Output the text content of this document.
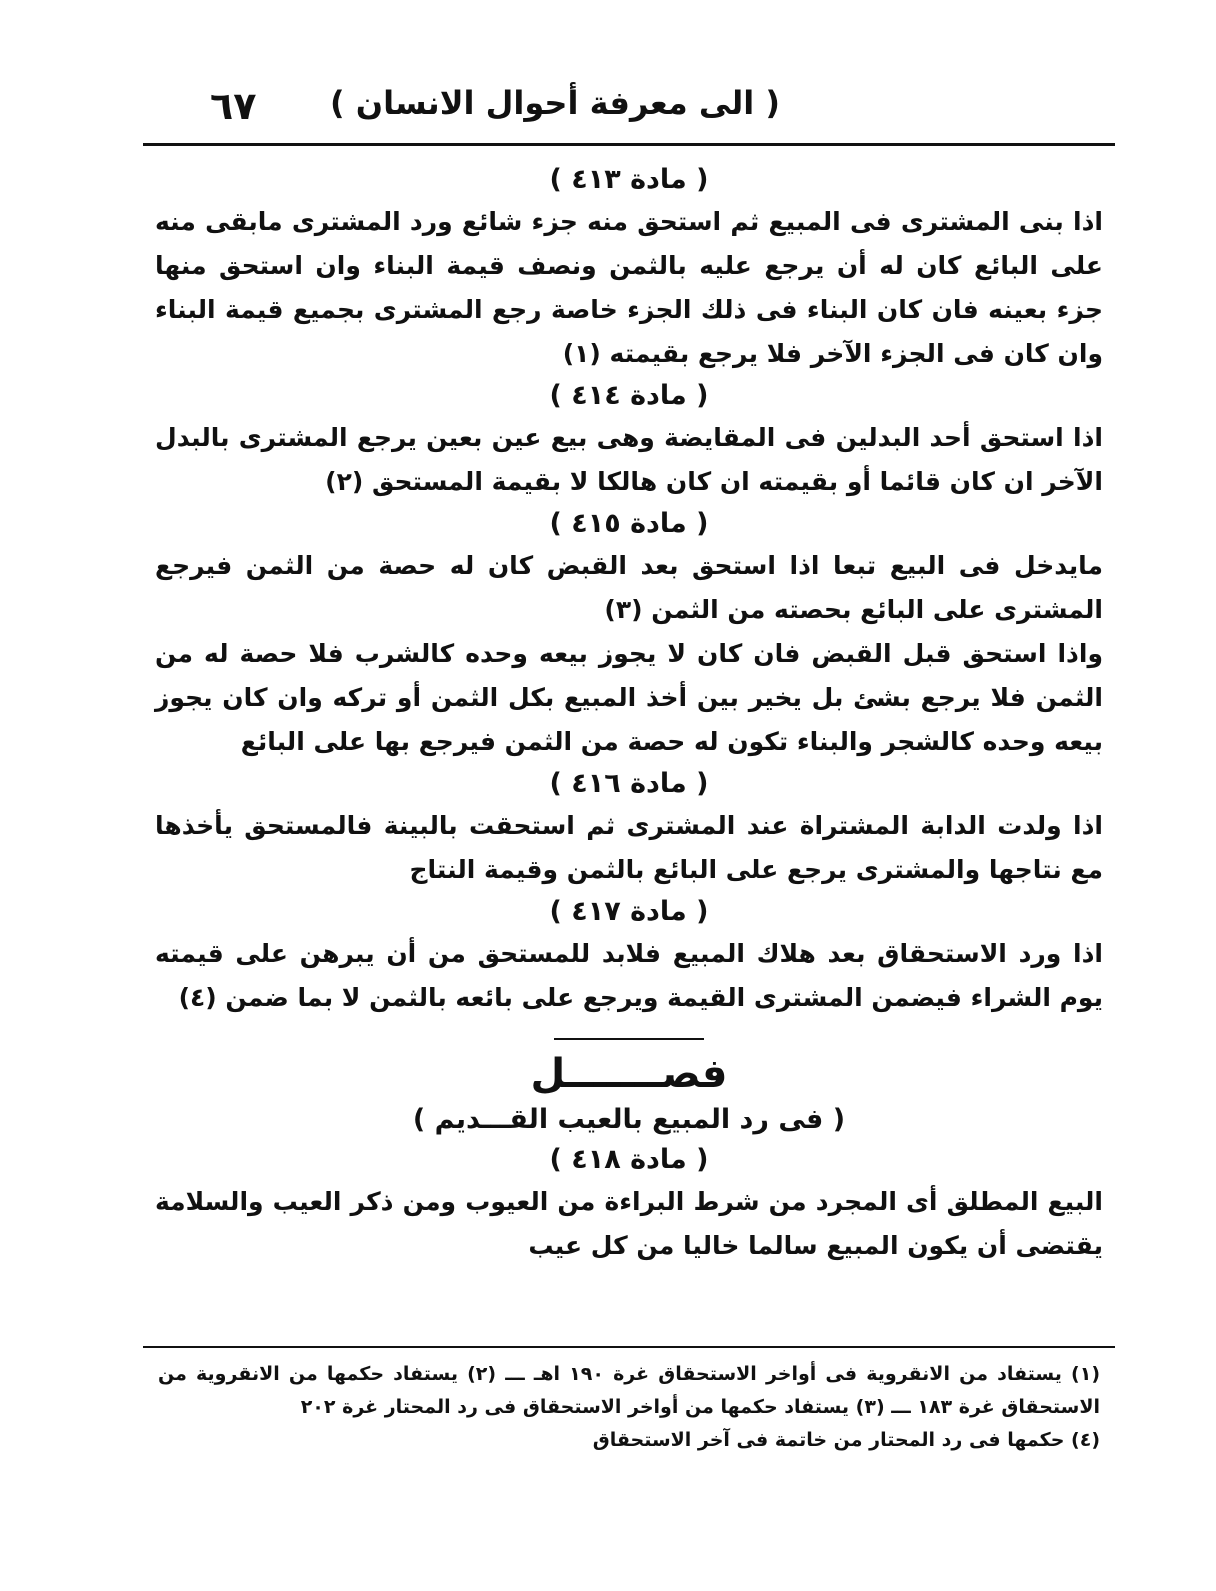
( الى معرفة أحوال الانسان )
٦٧
( مادة ٤١٣ )

اذا بنى المشترى فى المبيع ثم استحق منه جزء شائع ورد المشترى مابقى منه على البائع كان له أن يرجع عليه بالثمن ونصف قيمة البناء وان استحق منها جزء بعينه فان كان البناء فى ذلك الجزء خاصة رجع المشترى بجميع قيمة البناء وان كان فى الجزء الآخر فلا يرجع بقيمته (١)

( مادة ٤١٤ )

اذا استحق أحد البدلين فى المقايضة وهى بيع عين بعين يرجع المشترى بالبدل الآخر ان كان قائما أو بقيمته ان كان هالكا لا بقيمة المستحق (٢)

( مادة ٤١٥ )

مايدخل فى البيع تبعا اذا استحق بعد القبض كان له حصة من الثمن فيرجع المشترى على البائع بحصته من الثمن (٣)

واذا استحق قبل القبض فان كان لا يجوز بيعه وحده كالشرب فلا حصة له من الثمن فلا يرجع بشئ بل يخير بين أخذ المبيع بكل الثمن أو تركه وان كان يجوز بيعه وحده كالشجر والبناء تكون له حصة من الثمن فيرجع بها على البائع

( مادة ٤١٦ )

اذا ولدت الدابة المشتراة عند المشترى ثم استحقت بالبينة فالمستحق يأخذها مع نتاجها والمشترى يرجع على البائع بالثمن وقيمة النتاج

( مادة ٤١٧ )

اذا ورد الاستحقاق بعد هلاك المبيع فلابد للمستحق من أن يبرهن على قيمته يوم الشراء فيضمن المشترى القيمة ويرجع على بائعه بالثمن لا بما ضمن (٤)

فصـــــــل
( فى رد المبيع بالعيب القـــديم )
( مادة ٤١٨ )

البيع المطلق أى المجرد من شرط البراءة من العيوب ومن ذكر العيب والسلامة يقتضى أن يكون المبيع سالما خاليا من كل عيب

(١) يستفاد من الانقروية فى أواخر الاستحقاق غرة ١٩٠ اهـ ـــ (٢) يستفاد حكمها من الانقروية من الاستحقاق غرة ١٨٣ ـــ (٣) يستفاد حكمها من أواخر الاستحقاق فى رد المحتار غرة ٢٠٢

(٤) حكمها فى رد المحتار من خاتمة فى آخر الاستحقاق
